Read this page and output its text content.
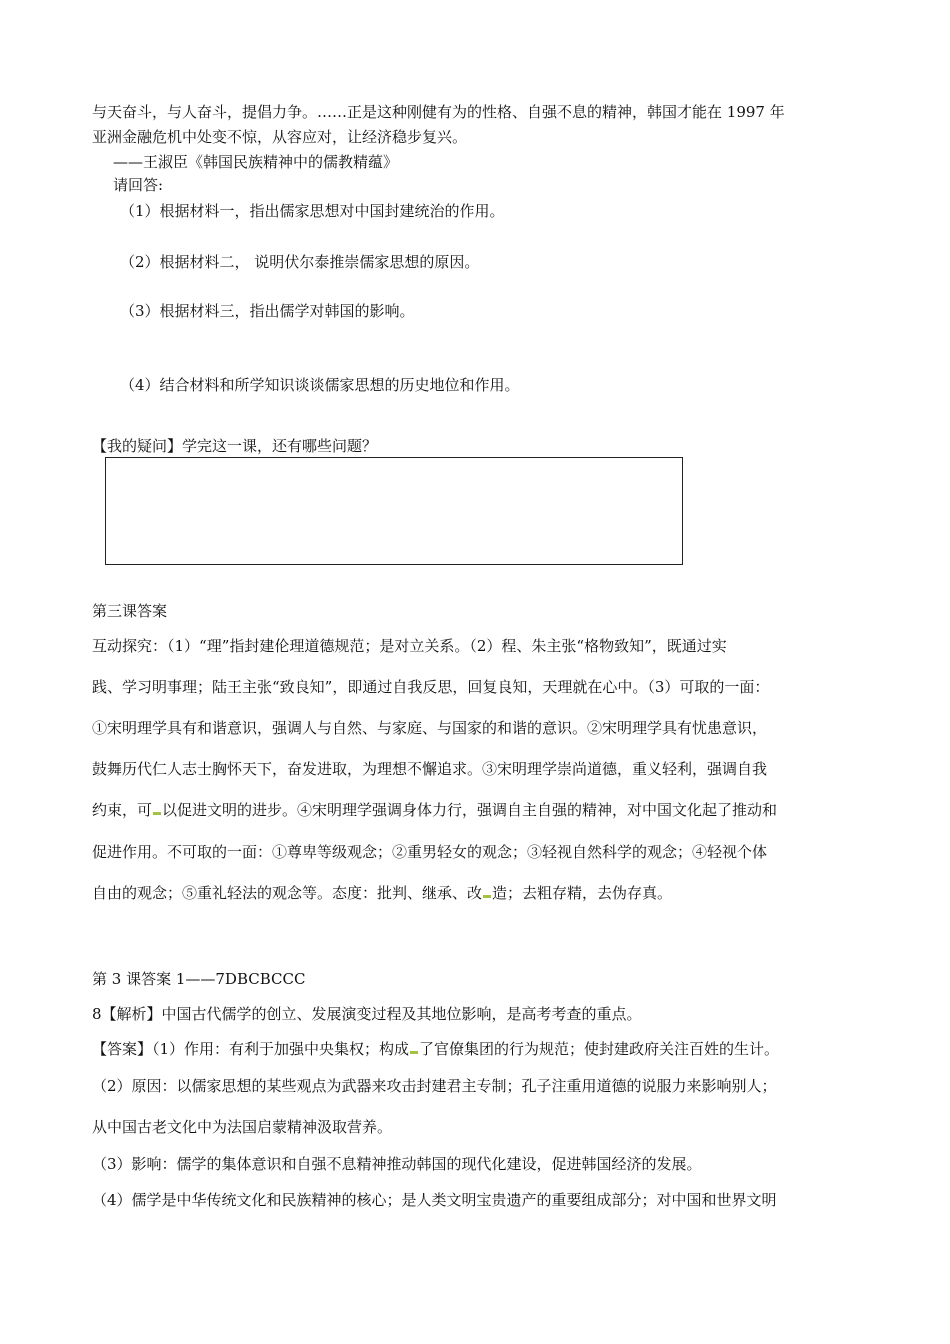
与天奋斗，与人奋斗，提倡力争。……正是这种刚健有为的性格、自强不息的精神，韩国才能在 1997 年
亚洲金融危机中处变不惊，从容应对，让经济稳步复兴。
——王淑臣《韩国民族精神中的儒教精蕴》
请回答:
（1）根据材料一，指出儒家思想对中国封建统治的作用。
（2）根据材料二， 说明伏尔泰推崇儒家思想的原因。
（3）根据材料三，指出儒学对韩国的影响。
（4）结合材料和所学知识谈谈儒家思想的历史地位和作用。
【我的疑问】学完这一课，还有哪些问题？
第三课答案
互动探究：（1）“理”指封建伦理道德规范；是对立关系。（2）程、朱主张“格物致知”，既通过实
践、学习明事理；陆王主张“致良知”，即通过自我反思，回复良知，天理就在心中。（3）可取的一面：
①宋明理学具有和谐意识，强调人与自然、与家庭、与国家的和谐的意识。②宋明理学具有忧患意识，
鼓舞历代仁人志士胸怀天下，奋发进取，为理想不懈追求。③宋明理学崇尚道德，重义轻利，强调自我
约束，可 以促进文明的进步。④宋明理学强调身体力行，强调自主自强的精神，对中国文化起了推动和
促进作用。不可取的一面：①尊卑等级观念；②重男轻女的观念；③轻视自然科学的观念；④轻视个体
自由的观念；⑤重礼轻法的观念等。态度：批判、继承、改 造；去粗存精，去伪存真。
第 3 课答案 1——7DBCBCCC
8【解析】中国古代儒学的创立、发展演变过程及其地位影响，是高考考查的重点。
【答案】（1）作用：有利于加强中央集权；构成 了官僚集团的行为规范；使封建政府关注百姓的生计。
（2）原因：以儒家思想的某些观点为武器来攻击封建君主专制；孔子注重用道德的说服力来影响别人；
从中国古老文化中为法国启蒙精神汲取营养。
（3）影响：儒学的集体意识和自强不息精神推动韩国的现代化建设，促进韩国经济的发展。
（4）儒学是中华传统文化和民族精神的核心；是人类文明宝贵遗产的重要组成部分；对中国和世界文明
